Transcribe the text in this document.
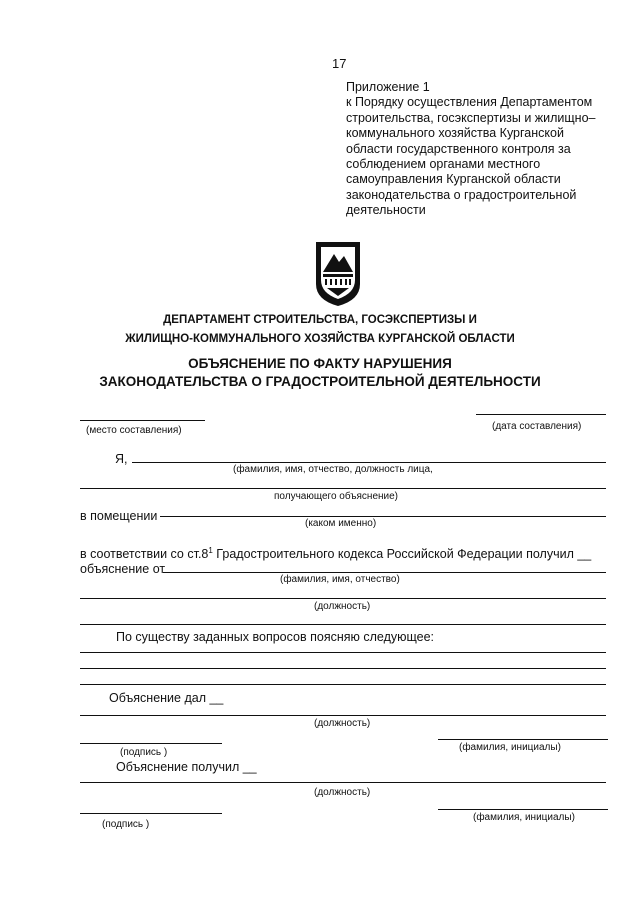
17
Приложение 1
к Порядку осуществления Департаментом
строительства, госэкспертизы и жилищно–
коммунального хозяйства Курганской
области государственного контроля за
соблюдением органами местного
самоуправления Курганской области
законодательства о градостроительной
деятельности
ДЕПАРТАМЕНТ СТРОИТЕЛЬСТВА, ГОСЭКСПЕРТИЗЫ И
ЖИЛИЩНО-КОММУНАЛЬНОГО ХОЗЯЙСТВА КУРГАНСКОЙ ОБЛАСТИ
ОБЪЯСНЕНИЕ ПО ФАКТУ НАРУШЕНИЯ
ЗАКОНОДАТЕЛЬСТВА О ГРАДОСТРОИТЕЛЬНОЙ ДЕЯТЕЛЬНОСТИ
(место составления)	(дата составления)
Я,
(фамилия, имя, отчество, должность лица,
получающего объяснение)
в помещении
(каком именно)
в соответствии со $ст.8^1$ Градостроительного кодекса Российской Федерации получил __
объяснение от
(фамилия, имя, отчество)
(должность)
По существу заданных вопросов поясняю следующее:
Объяснение дал __
(должность)
(подпись )	(фамилия, инициалы)
Объяснение получил __
(должность)
(подпись )
(фамилия, инициалы)
